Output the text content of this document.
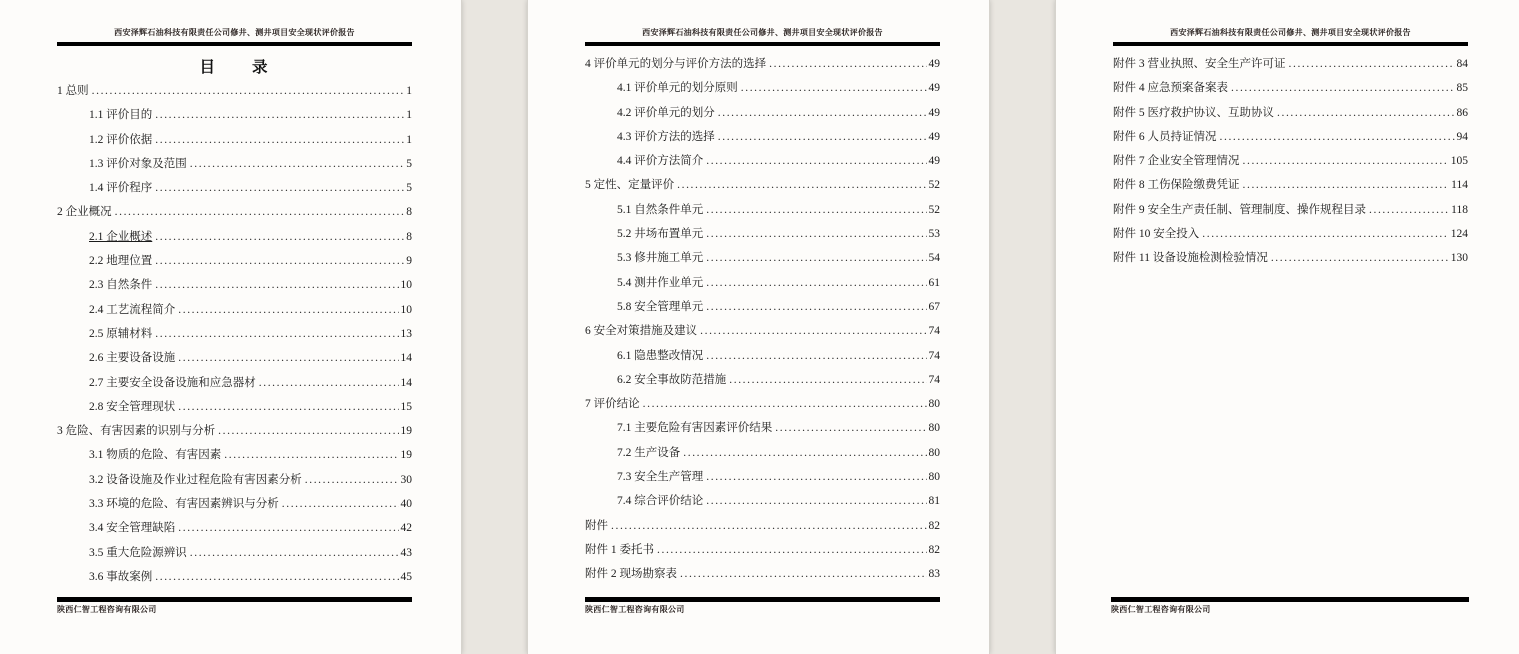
西安泽辉石油科技有限责任公司修井、测井项目安全现状评价报告
目　　录
1 总则 .....	1
1.1 评价目的 .....	1
1.2 评价依据 .....	1
1.3 评价对象及范围 .....	5
1.4 评价程序 .....	5
2 企业概况 .....	8
2.1 企业概述 .....	8
2.2 地理位置 .....	9
2.3 自然条件 .....	10
2.4 工艺流程简介 .....	10
2.5 原辅材料 .....	13
2.6 主要设备设施 .....	14
2.7 主要安全设备设施和应急器材 .....	14
2.8 安全管理现状 .....	15
3 危险、有害因素的识别与分析 .....	19
3.1 物质的危险、有害因素 .....	19
3.2 设备设施及作业过程危险有害因素分析 .....	30
3.3 环境的危险、有害因素辨识与分析 .....	40
3.4 安全管理缺陷 .....	42
3.5 重大危险源辨识 .....	43
3.6 事故案例 .....	45
陕西仁智工程咨询有限公司
西安泽辉石油科技有限责任公司修井、测井项目安全现状评价报告
4 评价单元的划分与评价方法的选择 .....	49
4.1 评价单元的划分原则 .....	49
4.2 评价单元的划分 .....	49
4.3 评价方法的选择 .....	49
4.4 评价方法简介 .....	49
5 定性、定量评价 .....	52
5.1 自然条件单元 .....	52
5.2 井场布置单元 .....	53
5.3 修井施工单元 .....	54
5.4 测井作业单元 .....	61
5.8 安全管理单元 .....	67
6 安全对策措施及建议 .....	74
6.1 隐患整改情况 .....	74
6.2 安全事故防范措施 .....	74
7 评价结论 .....	80
7.1 主要危险有害因素评价结果 .....	80
7.2 生产设备 .....	80
7.3 安全生产管理 .....	80
7.4 综合评价结论 .....	81
附件 .....	82
附件 1 委托书 .....	82
附件 2 现场勘察表 .....	83
陕西仁智工程咨询有限公司
西安泽辉石油科技有限责任公司修井、测井项目安全现状评价报告
附件 3 营业执照、安全生产许可证 .....	84
附件 4 应急预案备案表 .....	85
附件 5 医疗救护协议、互助协议 .....	86
附件 6 人员持证情况 .....	94
附件 7 企业安全管理情况 .....	105
附件 8 工伤保险缴费凭证 .....	114
附件 9 安全生产责任制、管理制度、操作规程目录 .....	118
附件 10 安全投入 .....	124
附件 11 设备设施检测检验情况 .....	130
陕西仁智工程咨询有限公司
